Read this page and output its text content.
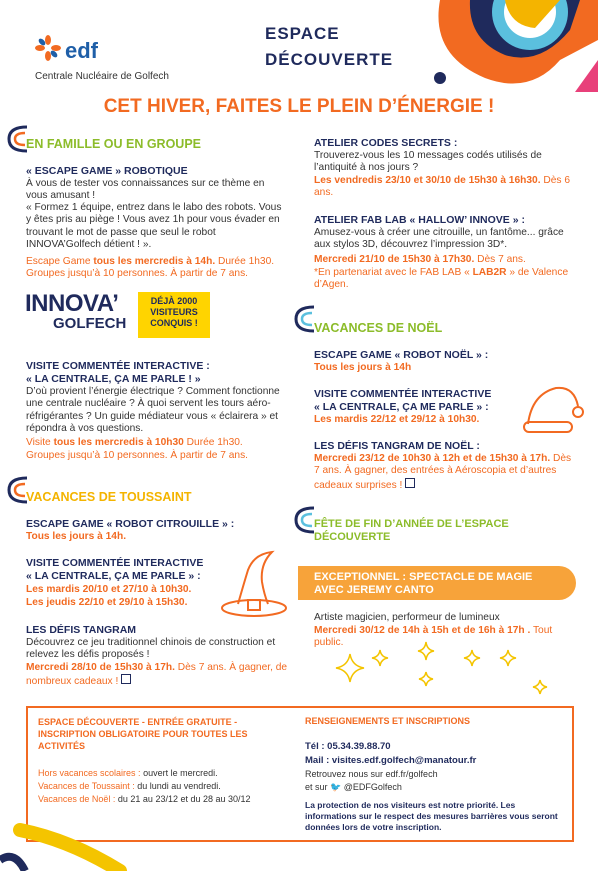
edf
Centrale Nucléaire de Golfech
ESPACE
DÉCOUVERTE
CET HIVER, FAITES LE PLEIN D’ÉNERGIE !
EN FAMILLE OU EN GROUPE
« ESCAPE GAME » ROBOTIQUE
À vous de tester vos connaissances sur ce thème en vous amusant !
« Formez 1 équipe, entrez dans le labo des robots. Vous y êtes pris au piège ! Vous avez 1h pour vous évader en trouvant le mot de passe que seul le robot INNOVA’Golfech détient ! ».
Escape Game tous les mercredis à 14h. Durée 1h30.
Groupes jusqu’à 10 personnes. À partir de 7 ans.
INNOVA’
GOLFECH
DÉJÀ 2000 VISITEURS CONQUIS !
VISITE COMMENTÉE INTERACTIVE :
« LA CENTRALE, ÇA ME PARLE ! »
D’où provient l’énergie électrique ? Comment fonctionne une centrale nucléaire ? À quoi servent les tours aéro-réfrigérantes ? Un guide médiateur vous « éclairera » et répondra à vos questions.
Visite tous les mercredis à 10h30 Durée 1h30.
Groupes jusqu’à 10 personnes. À partir de 7 ans.
VACANCES DE TOUSSAINT
ESCAPE GAME « ROBOT CITROUILLE » :
Tous les jours à 14h.
VISITE COMMENTÉE INTERACTIVE
« LA CENTRALE, ÇA ME PARLE » :
Les mardis 20/10 et 27/10 à 10h30.
Les jeudis 22/10 et 29/10 à 15h30.
LES DÉFIS TANGRAM
Découvrez ce jeu traditionnel chinois de construction et relevez les défis proposés !
Mercredi 28/10 de 15h30 à 17h. Dès 7 ans. À gagner, de nombreux cadeaux !
ATELIER CODES SECRETS :
Trouverez-vous les 10 messages codés utilisés de l’antiquité à nos jours ?
Les vendredis 23/10 et 30/10 de 15h30 à 16h30. Dès 6 ans.
ATELIER FAB LAB « HALLOW’ INNOVE » :
Amusez-vous à créer une citrouille, un fantôme... grâce aux stylos 3D, découvrez l’impression 3D*.
Mercredi 21/10 de 15h30 à 17h30. Dès 7 ans.
*En partenariat avec le FAB LAB « LAB2R » de Valence d’Agen.
VACANCES DE NOËL
ESCAPE GAME « ROBOT NOËL » :
Tous les jours à 14h
VISITE COMMENTÉE INTERACTIVE
« LA CENTRALE, ÇA ME PARLE » :
Les mardis 22/12 et 29/12 à 10h30.
LES DÉFIS TANGRAM DE NOËL :
Mercredi 23/12 de 10h30 à 12h et de 15h30 à 17h. Dès 7 ans. À gagner, des entrées à Aéroscopia et d’autres cadeaux surprises !
FÊTE DE FIN D’ANNÉE DE L’ESPACE
DÉCOUVERTE
EXCEPTIONNEL : SPECTACLE DE MAGIE
AVEC JEREMY CANTO
Artiste magicien, performeur de lumineux
Mercredi 30/12 de 14h à 15h et de 16h à 17h . Tout public.
ESPACE DÉCOUVERTE - ENTRÉE GRATUITE - INSCRIPTION OBLIGATOIRE POUR TOUTES LES ACTIVITÉS
Hors vacances scolaires : ouvert le mercredi.
Vacances de Toussaint : du lundi au vendredi.
Vacances de Noël : du 21 au 23/12 et du 28 au 30/12
RENSEIGNEMENTS ET INSCRIPTIONS
Tél : 05.34.39.88.70
Mail : visites.edf.golfech@manatour.fr
Retrouvez nous sur edf.fr/golfech
et sur 🐦 @EDFGolfech
La protection de nos visiteurs est notre priorité. Les informations sur le respect des mesures barrières vous seront données lors de votre inscription.
